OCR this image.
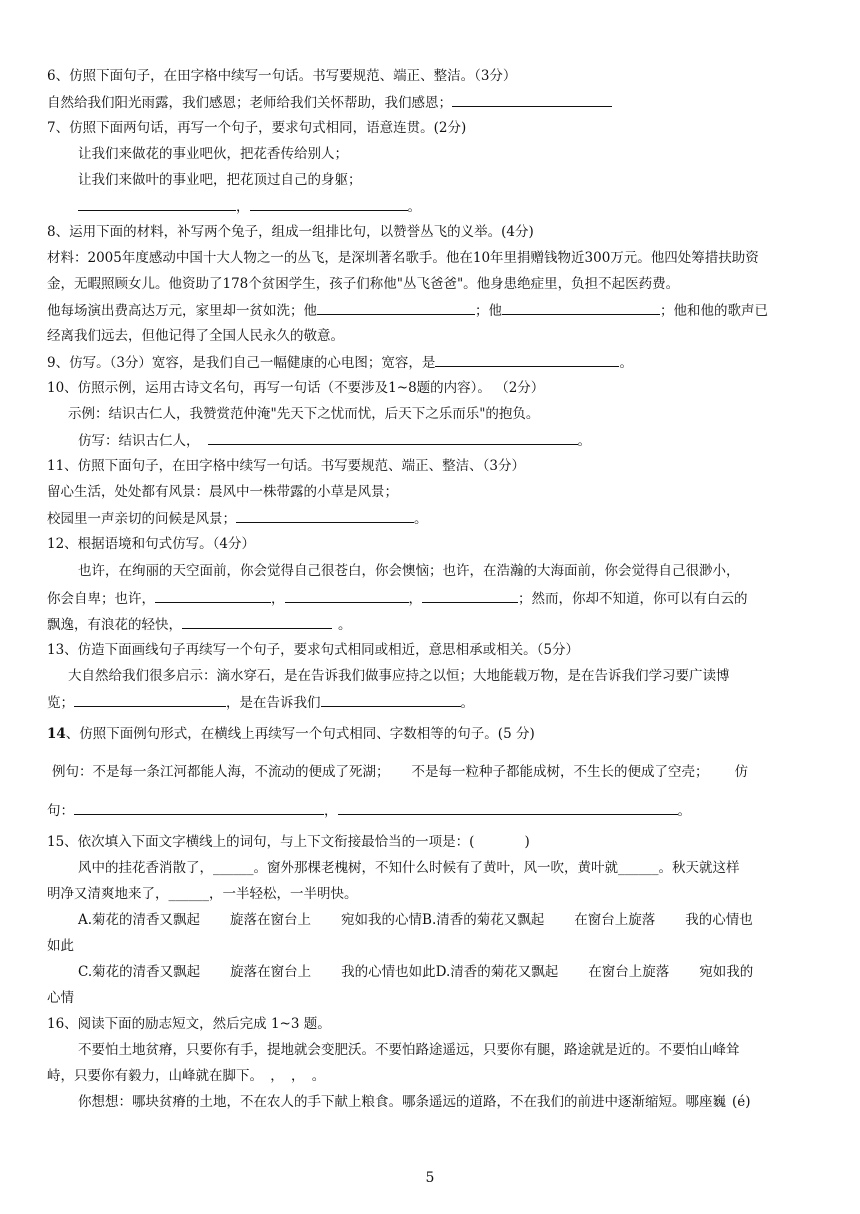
6、仿照下面句子，在田字格中续写一句话。书写要规范、端正、整洁。（3分）
自然给我们阳光雨露，我们感恩；老师给我们关怀帮助，我们感恩；
7、仿照下面两句话，再写一个句子，要求句式相同，语意连贯。(2分)
让我们来做花的事业吧伙，把花香传给别人；
让我们来做叶的事业吧，把花顶过自己的身躯；
，	。
8、运用下面的材料，补写两个兔子，组成一组排比句，以赞誉丛飞的义举。(4分)
材料：2005年度感动中国十大人物之一的丛飞，是深圳著名歌手。他在10年里捐赠钱物近300万元。他四处筹措扶助资
金，无暇照顾女儿。他资助了178个贫困学生，孩子们称他"丛飞爸爸"。他身患绝症里，负担不起医药费。
他每场演出费高达万元，家里却一贫如洗；他	；他	；他和他的歌声已
经离我们远去，但他记得了全国人民永久的敬意。
9、仿写。（3分）宽容，是我们自己一幅健康的心电图；宽容，是	。
10、仿照示例，运用古诗文名句，再写一句话（不要涉及1~8题的内容）。 （2分）
示例：结识古仁人，我赞赏范仲淹"先天下之忧而忧，后天下之乐而乐"的抱负。
仿写：结识古仁人，	。
11、仿照下面句子，在田字格中续写一句话。书写要规范、端正、整洁、（3分）
留心生活，处处都有风景：晨风中一株带露的小草是风景；
校园里一声亲切的问候是风景；	。
12、根据语境和句式仿写。（4分）
也许，在绚丽的天空面前，你会觉得自己很苍白，你会懊恼；也许，在浩瀚的大海面前，你会觉得自己很渺小，
你会自卑；也许，	，	，	；然而，你却不知道，你可以有白云的
飘逸，有浪花的轻快，	。
13、仿造下面画线句子再续写一个句子，要求句式相同或相近，意思相承或相关。（5分）
大自然给我们很多启示：滴水穿石，是在告诉我们做事应持之以恒；大地能载万物，是在告诉我们学习要广读博
览；	，是在告诉我们	。
14、仿照下面例句形式，在横线上再续写一个句式相同、字数相等的句子。(5 分)
例句：不是每一条江河都能人海，不流动的便成了死湖； 不是每一粒种子都能成树，不生长的便成了空壳； 仿
句：	，	。
15、依次填入下面文字横线上的词句，与上下文衔接最恰当的一项是：(	)
风中的挂花香消散了，______。窗外那棵老槐树，不知什么时候有了黄叶，风一吹，黄叶就______。秋天就这样
明净又清爽地来了，______，一半轻松，一半明快。
A.菊花的清香又飘起 旋落在窗台上 宛如我的心情B.清香的菊花又飘起 在窗台上旋落 我的心情也
如此
C.菊花的清香又飘起 旋落在窗台上 我的心情也如此D.清香的菊花又飘起 在窗台上旋落 宛如我的
心情
16、阅读下面的励志短文，然后完成 1~3 题。
不要怕土地贫瘠，只要你有手，提地就会变肥沃。不要怕路途遥远，只要你有腿，路途就是近的。不要怕山峰耸
峙，只要你有毅力，山峰就在脚下。 ， ， 。
你想想：哪块贫瘠的土地，不在农人的手下献上粮食。哪条遥远的道路，不在我们的前进中逐渐缩短。哪座巍 (é)
5
